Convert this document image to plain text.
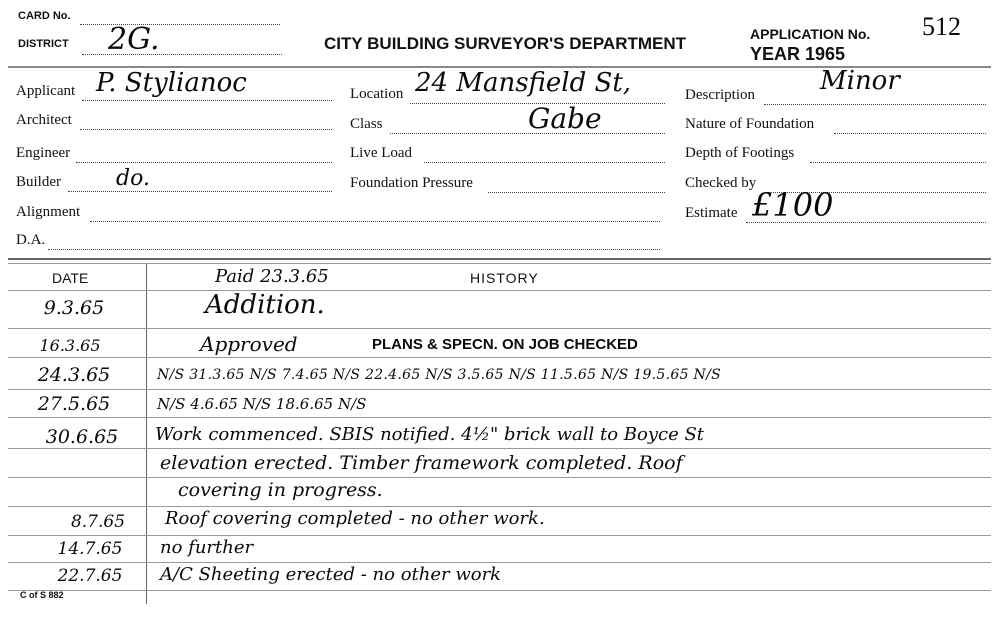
CARD No.
DISTRICT 2G.	CITY BUILDING SURVEYOR'S DEPARTMENT	APPLICATION No. 512
YEAR 1965
Applicant P. Stylianoc
Architect
Engineer
Builder	do.
Alignment
D.A.
Location 24 Mansfield St,
Gabe
Class
Live Load
Foundation Pressure
Description	Minor
Nature of Foundation
Depth of Footings
Checked by
Estimate £100
DATE	HISTORY
Paid 23.3.65
9.3.65	Addition.
16.3.65	Approved	PLANS & SPECN. ON JOB CHECKED
24.3.65	N/S 31.3.65 N/S 7.4.65 N/S 22.4.65 N/S 3.5.65 N/S 11.5.65 N/S 19.5.65 N/S
27.5.65	N/S 4.6.65 N/S 18.6.65 N/S
30.6.65	Work commenced. SBIS notified. 4½" brick wall to Boyce St
elevation erected. Timber framework completed. Roof
covering in progress.
8.7.65	Roof covering completed - no other work.
14.7.65	no further
22.7.65	A/C Sheeting erected - no other work
C of S 882
